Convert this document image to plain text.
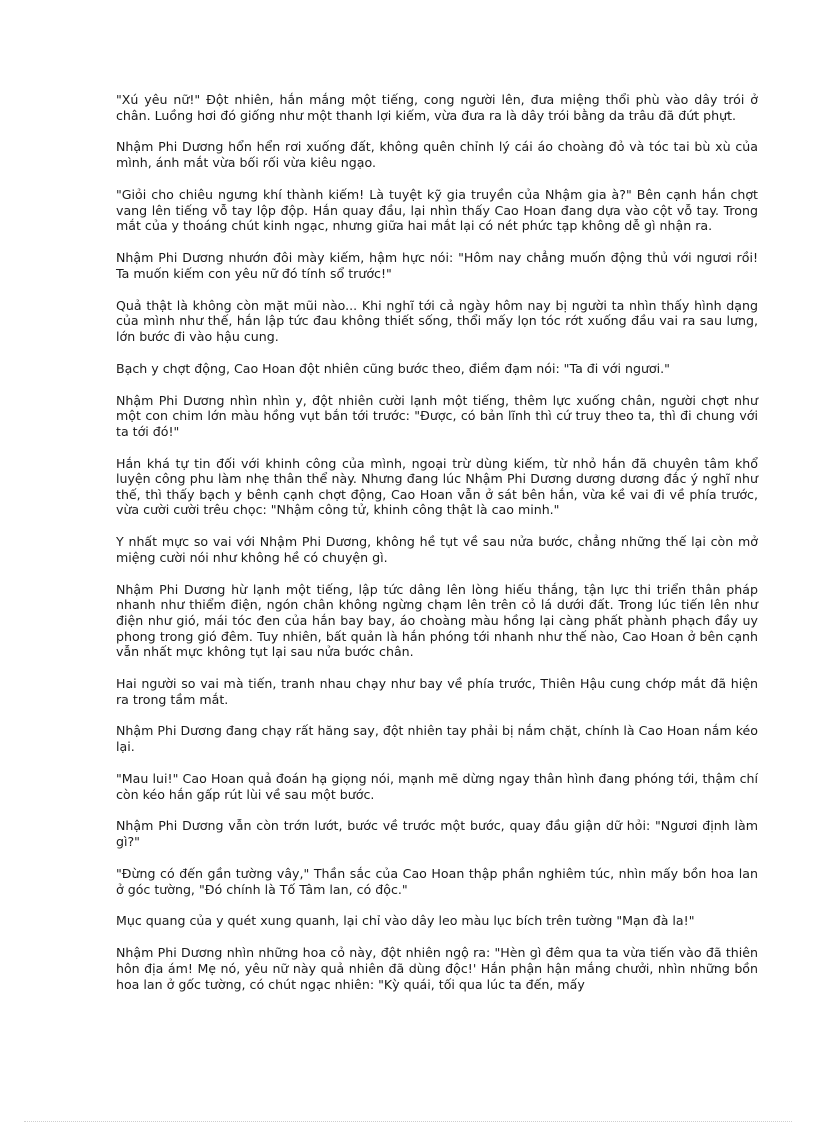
"Xú yêu nữ!" Đột nhiên, hắn mắng một tiếng, cong người lên, đưa miệng thổi phù vào dây trói ở chân. Luồng hơi đó giống như một thanh lợi kiếm, vừa đưa ra là dây trói bằng da trâu đã đứt phựt.

Nhậm Phi Dương hổn hển rơi xuống đất, không quên chỉnh lý cái áo choàng đỏ và tóc tai bù xù của mình, ánh mắt vừa bối rối vừa kiêu ngạo.

"Giỏi cho chiêu ngưng khí thành kiếm! Là tuyệt kỹ gia truyền của Nhậm gia à?" Bên cạnh hắn chợt vang lên tiếng vỗ tay lộp độp. Hắn quay đầu, lại nhìn thấy Cao Hoan đang dựa vào cột vỗ tay. Trong mắt của y thoáng chút kinh ngạc, nhưng giữa hai mắt lại có nét phức tạp không dễ gì nhận ra.

Nhậm Phi Dương nhướn đôi mày kiếm, hậm hực nói: "Hôm nay chẳng muốn động thủ với ngươi rồi! Ta muốn kiếm con yêu nữ đó tính sổ trước!"

Quả thật là không còn mặt mũi nào... Khi nghĩ tới cả ngày hôm nay bị người ta nhìn thấy hình dạng của mình như thế, hắn lập tức đau không thiết sống, thổi mấy lọn tóc rớt xuống đầu vai ra sau lưng, lớn bước đi vào hậu cung.

Bạch y chợt động, Cao Hoan đột nhiên cũng bước theo, điềm đạm nói: "Ta đi với ngươi."

Nhậm Phi Dương nhìn nhìn y, đột nhiên cười lạnh một tiếng, thêm lực xuống chân, người chợt như một con chim lớn màu hồng vụt bắn tới trước: "Được, có bản lĩnh thì cứ truy theo ta, thì đi chung với ta tới đó!"

Hắn khá tự tin đối với khinh công của mình, ngoại trừ dùng kiếm, từ nhỏ hắn đã chuyên tâm khổ luyện công phu làm nhẹ thân thể này. Nhưng đang lúc Nhậm Phi Dương dương dương đắc ý nghĩ như thế, thì thấy bạch y bênh cạnh chợt động, Cao Hoan vẫn ở sát bên hắn, vừa kề vai đi về phía trước, vừa cười cười trêu chọc: "Nhậm công tử, khinh công thật là cao minh."

Y nhất mực so vai với Nhậm Phi Dương, không hề tụt về sau nửa bước, chẳng những thế lại còn mở miệng cười nói như không hề có chuyện gì.

Nhậm Phi Dương hừ lạnh một tiếng, lập tức dâng lên lòng hiếu thắng, tận lực thi triển thân pháp nhanh như thiểm điện, ngón chân không ngừng chạm lên trên cỏ lá dưới đất. Trong lúc tiến lên như điện như gió, mái tóc đen của hắn bay bay, áo choàng màu hồng lại càng phất phành phạch đầy uy phong trong gió đêm. Tuy nhiên, bất quản là hắn phóng tới nhanh như thế nào, Cao Hoan ở bên cạnh vẫn nhất mực không tụt lại sau nửa bước chân.

Hai người so vai mà tiến, tranh nhau chạy như bay về phía trước, Thiên Hậu cung chớp mắt đã hiện ra trong tầm mắt.

Nhậm Phi Dương đang chạy rất hăng say, đột nhiên tay phải bị nắm chặt, chính là Cao Hoan nắm kéo lại.

"Mau lui!" Cao Hoan quả đoán hạ giọng nói, mạnh mẽ dừng ngay thân hình đang phóng tới, thậm chí còn kéo hắn gấp rút lùi về sau một bước.

Nhậm Phi Dương vẫn còn trớn lướt, bước về trước một bước, quay đầu giận dữ hỏi: "Ngươi định làm gì?"

"Đừng có đến gần tường vây," Thần sắc của Cao Hoan thập phần nghiêm túc, nhìn mấy bồn hoa lan ở góc tường, "Đó chính là Tố Tâm lan, có độc."

Mục quang của y quét xung quanh, lại chỉ vào dây leo màu lục bích trên tường "Mạn đà la!"

Nhậm Phi Dương nhìn những hoa cỏ này, đột nhiên ngộ ra: "Hèn gì đêm qua ta vừa tiến vào đã thiên hôn địa ám! Mẹ nó, yêu nữ này quả nhiên đã dùng độc!' Hắn phận hận mắng chưởi, nhìn những bồn hoa lan ở gốc tường, có chút ngạc nhiên: "Kỳ quái, tối qua lúc ta đến, mấy
